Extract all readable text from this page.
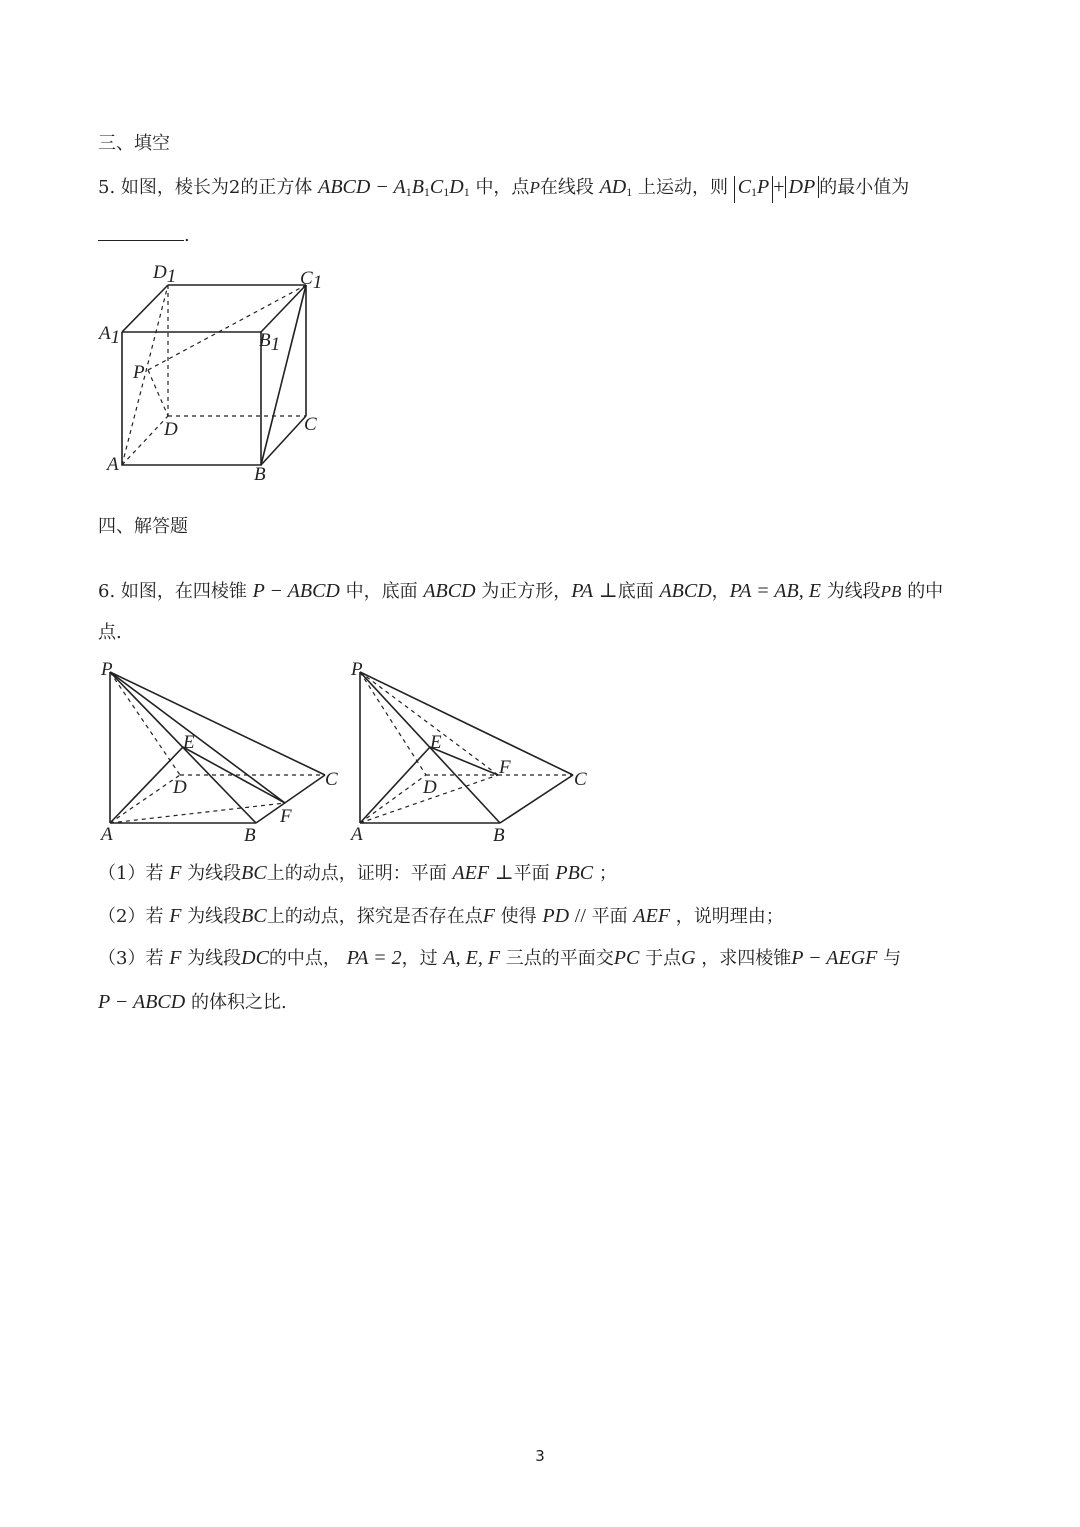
三、填空
5. 如图，棱长为2的正方体 ABCD − $A_1B_1C_1D_1$ 中，点P在线段 $AD_1$ 上运动，则 $C_1P$ + DP 的最小值为
.
D1	C1
A1	B1
P
D	C
A	B
四、解答题
6. 如图，在四棱锥 P − ABCD 中，底面 ABCD 为正方形，PA ⊥底面 ABCD，PA = AB, E 为线段PB 的中
点.
P
E
D	C
A	B
F
P
E
D
F
C
A	B
（1）若 F 为线段BC上的动点，证明：平面 AEF ⊥平面 PBC ；
（2）若 F 为线段BC上的动点，探究是否存在点F 使得 PD // 平面 AEF ，说明理由；
（3）若 F 为线段DC的中点， PA = 2，过 A, E, F 三点的平面交PC 于点G ，求四棱锥P − AEGF 与
P − ABCD 的体积之比.
3
